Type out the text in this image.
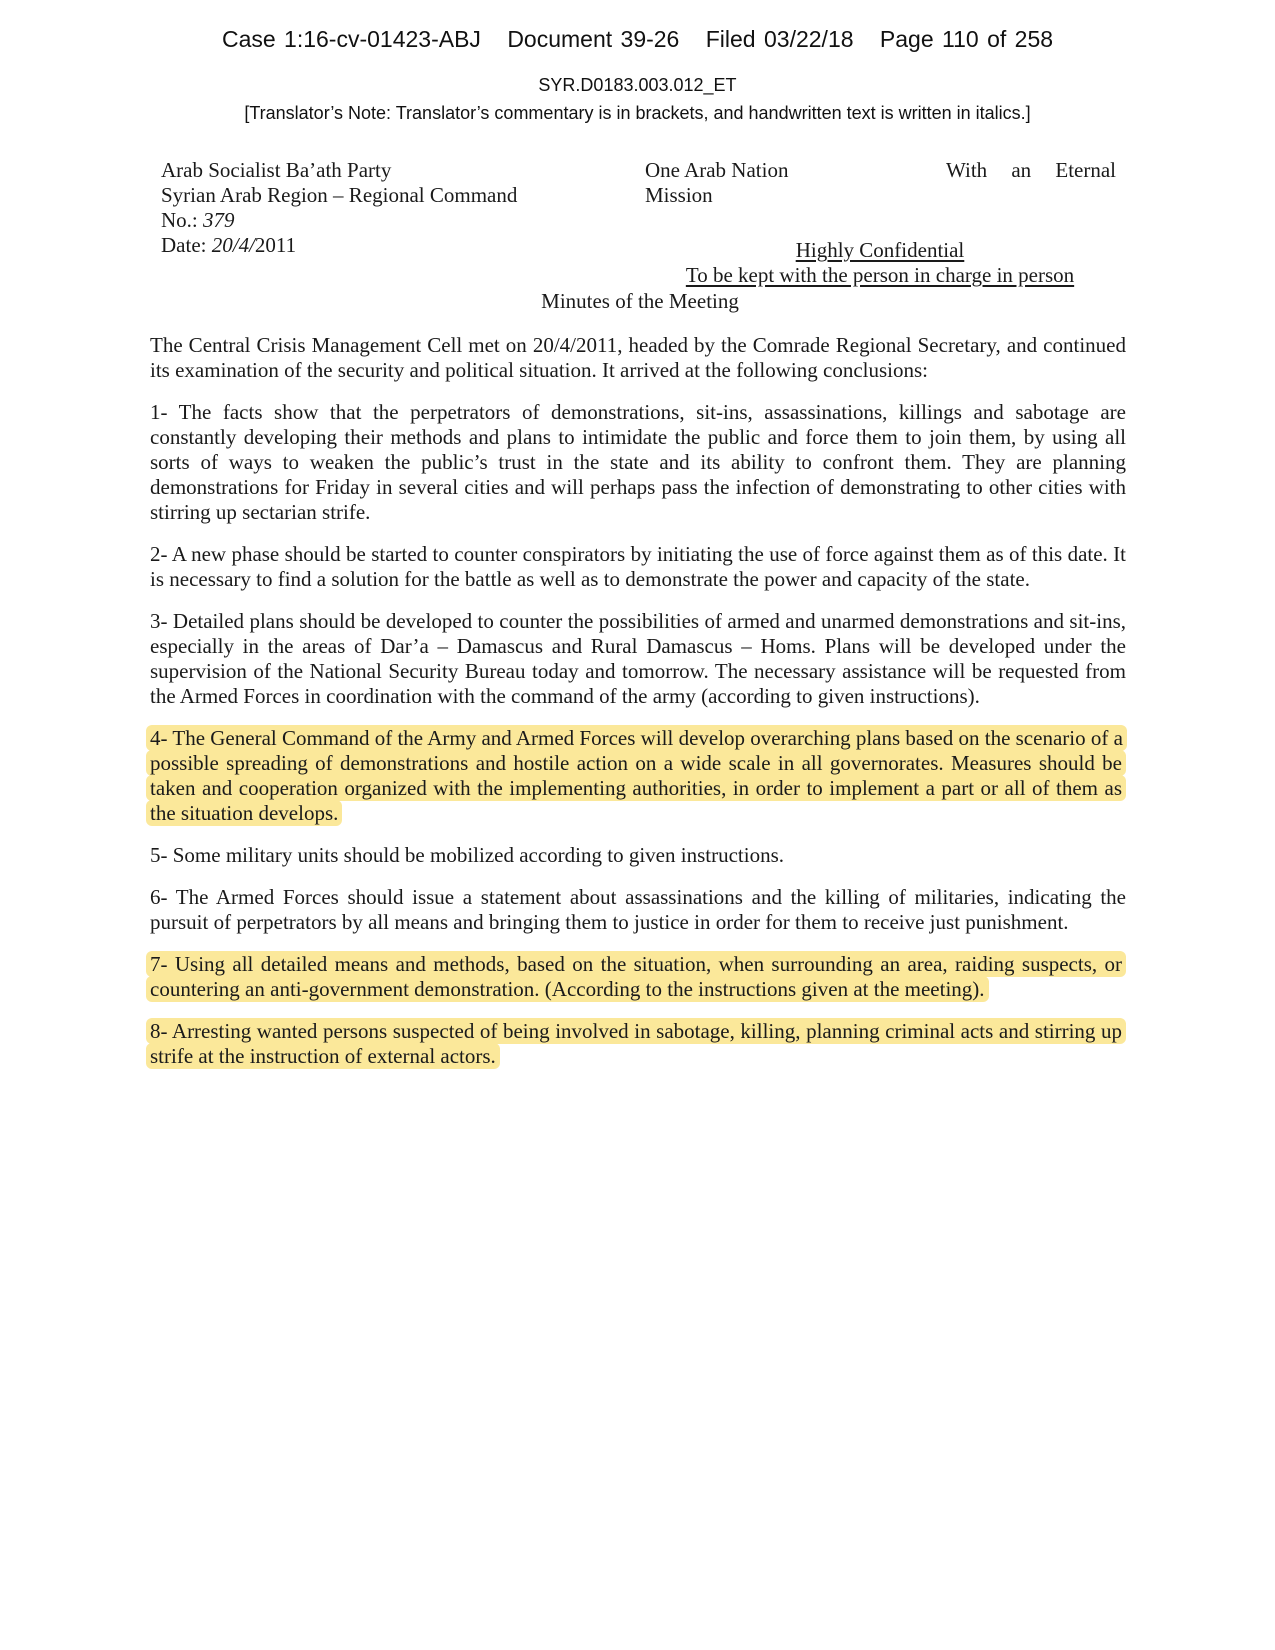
Case 1:16-cv-01423-ABJ Document 39-26 Filed 03/22/18 Page 110 of 258
SYR.D0183.003.012_ET
[Translator’s Note: Translator’s commentary is in brackets, and handwritten text is written in italics.]
Arab Socialist Ba’ath Party
Syrian Arab Region – Regional Command
No.: 379
Date: 20/4/2011
One Arab Nation
Mission
With an Eternal
Highly Confidential
To be kept with the person in charge in person
Minutes of the Meeting

The Central Crisis Management Cell met on 20/4/2011, headed by the Comrade Regional Secretary, and continued its examination of the security and political situation. It arrived at the following conclusions:

1- The facts show that the perpetrators of demonstrations, sit-ins, assassinations, killings and sabotage are constantly developing their methods and plans to intimidate the public and force them to join them, by using all sorts of ways to weaken the public’s trust in the state and its ability to confront them. They are planning demonstrations for Friday in several cities and will perhaps pass the infection of demonstrating to other cities with stirring up sectarian strife.

2- A new phase should be started to counter conspirators by initiating the use of force against them as of this date. It is necessary to find a solution for the battle as well as to demonstrate the power and capacity of the state.

3- Detailed plans should be developed to counter the possibilities of armed and unarmed demonstrations and sit-ins, especially in the areas of Dar’a – Damascus and Rural Damascus – Homs. Plans will be developed under the supervision of the National Security Bureau today and tomorrow. The necessary assistance will be requested from the Armed Forces in coordination with the command of the army (according to given instructions).

4- The General Command of the Army and Armed Forces will develop overarching plans based on the scenario of a possible spreading of demonstrations and hostile action on a wide scale in all governorates. Measures should be taken and cooperation organized with the implementing authorities, in order to implement a part or all of them as the situation develops.

5- Some military units should be mobilized according to given instructions.

6- The Armed Forces should issue a statement about assassinations and the killing of militaries, indicating the pursuit of perpetrators by all means and bringing them to justice in order for them to receive just punishment.

7- Using all detailed means and methods, based on the situation, when surrounding an area, raiding suspects, or countering an anti-government demonstration. (According to the instructions given at the meeting).

8- Arresting wanted persons suspected of being involved in sabotage, killing, planning criminal acts and stirring up strife at the instruction of external actors.
